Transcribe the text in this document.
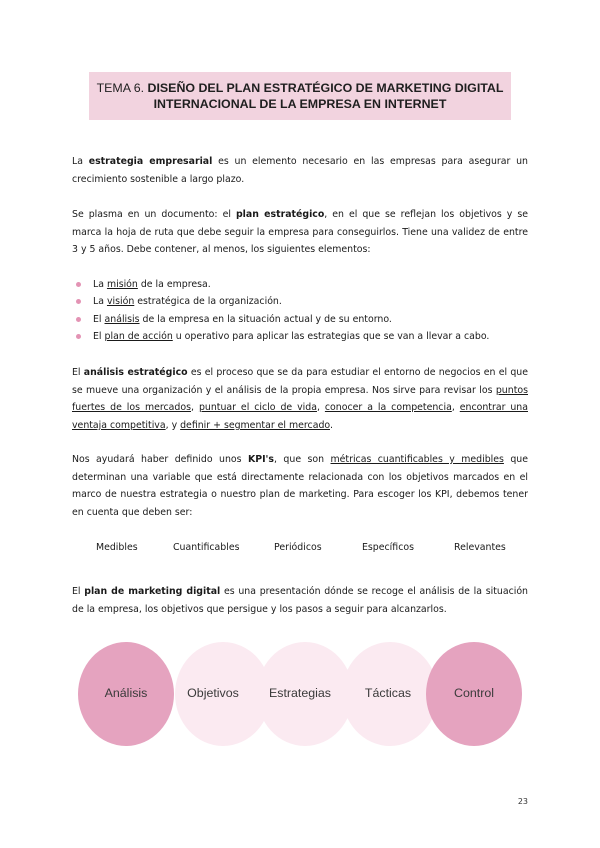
TEMA 6. DISEÑO DEL PLAN ESTRATÉGICO DE MARKETING DIGITAL
INTERNACIONAL DE LA EMPRESA EN INTERNET

La estrategia empresarial es un elemento necesario en las empresas para asegurar un crecimiento sostenible a largo plazo.

Se plasma en un documento: el plan estratégico, en el que se reflejan los objetivos y se marca la hoja de ruta que debe seguir la empresa para conseguirlos. Tiene una validez de entre 3 y 5 años. Debe contener, al menos, los siguientes elementos:

La misión de la empresa.
La visión estratégica de la organización.
El análisis de la empresa en la situación actual y de su entorno.
El plan de acción u operativo para aplicar las estrategias que se van a llevar a cabo.

El análisis estratégico es el proceso que se da para estudiar el entorno de negocios en el que se mueve una organización y el análisis de la propia empresa. Nos sirve para revisar los puntos fuertes de los mercados, puntuar el ciclo de vida, conocer a la competencia, encontrar una ventaja competitiva, y definir + segmentar el mercado.

Nos ayudará haber definido unos KPI's, que son métricas cuantificables y medibles que determinan una variable que está directamente relacionada con los objetivos marcados en el marco de nuestra estrategia o nuestro plan de marketing. Para escoger los KPI, debemos tener en cuenta que deben ser:

Medibles	Cuantificables	Periódicos	Específicos	Relevantes

El plan de marketing digital es una presentación dónde se recoge el análisis de la situación de la empresa, los objetivos que persigue y los pasos a seguir para alcanzarlos.

Análisis	Objetivos	Estrategias	Tácticas	Control
23
